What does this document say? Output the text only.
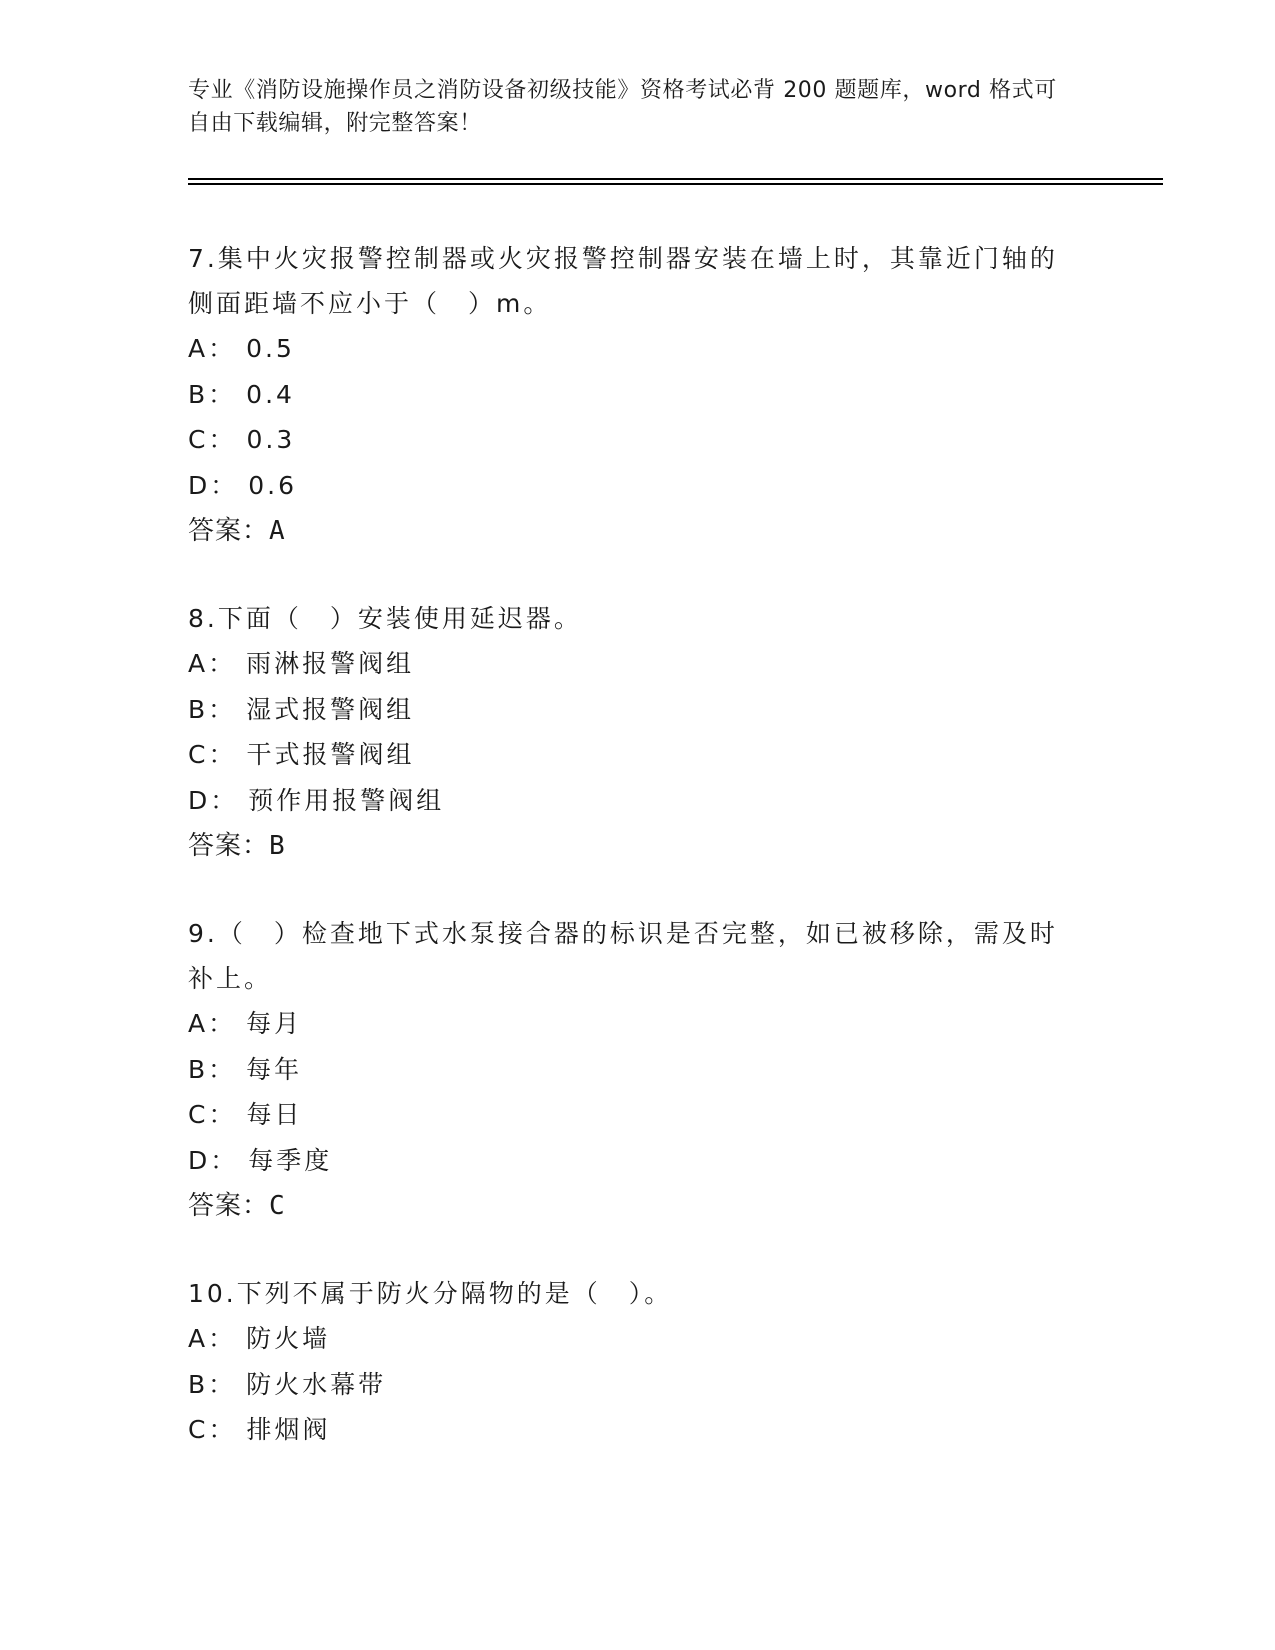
专业《消防设施操作员之消防设备初级技能》资格考试必背 200 题题库，word 格式可自由下载编辑，附完整答案！
7.集中火灾报警控制器或火灾报警控制器安装在墙上时，其靠近门轴的侧面距墙不应小于（　）m。
A： 0.5
B： 0.4
C： 0.3
D： 0.6
答案：A
8.下面（　）安装使用延迟器。
A： 雨淋报警阀组
B： 湿式报警阀组
C： 干式报警阀组
D： 预作用报警阀组
答案：B
9.（　）检查地下式水泵接合器的标识是否完整，如已被移除，需及时补上。
A： 每月
B： 每年
C： 每日
D： 每季度
答案：C
10.下列不属于防火分隔物的是（　）。
A： 防火墙
B： 防火水幕带
C： 排烟阀
